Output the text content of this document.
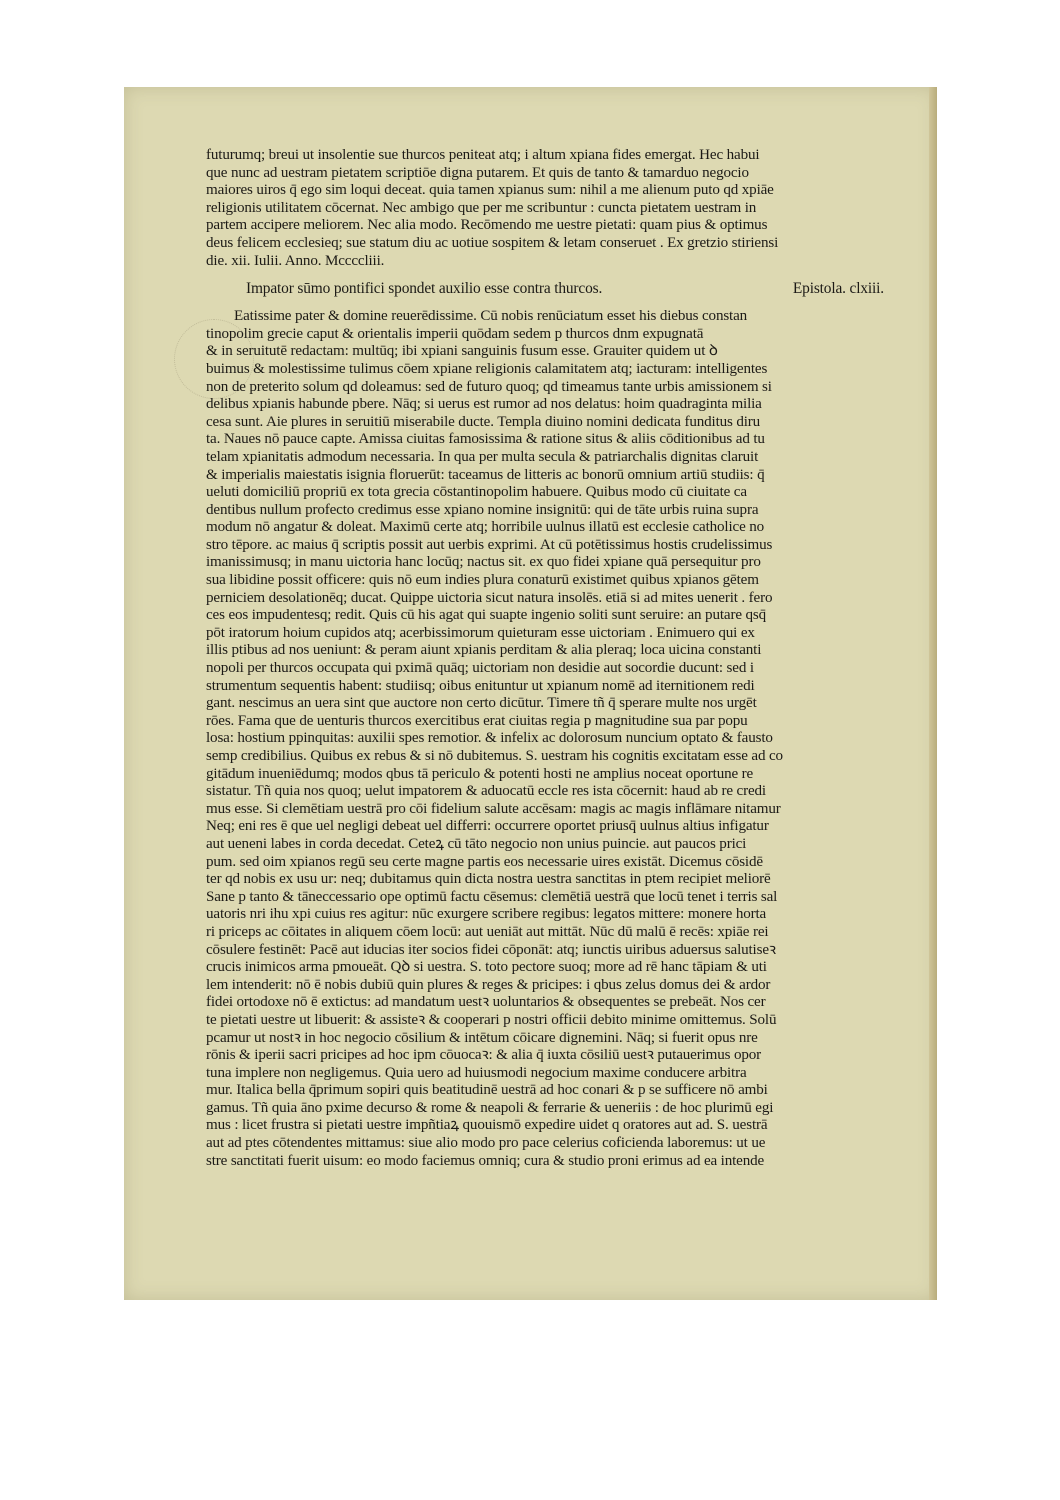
futurumq; breui ut insolentie sue thurcos peniteat atq; i altum xpiana fides emergat. Hec habui
que nunc ad uestram pietatem scriptiōe digna putarem. Et quis de tanto & tamarduo negocio
maiores uiros q̄ ego sim loqui deceat. quia tamen xpianus sum: nihil a me alienum puto qd xpiāe
religionis utilitatem cōcernat. Nec ambigo que per me scribuntur : cuncta pietatem uestram in
partem accipere meliorem. Nec alia modo. Recōmendo me uestre pietati: quam pius & optimus
deus felicem ecclesieq; sue statum diu ac uotiue sospitem & letam conseruet . Ex gretzio stiriensi
die. xii. Iulii. Anno. Mccccliii.
Impator sūmo pontifici spondet auxilio esse contra thurcos.	Epistola. clxiii.
Eatissime pater & domine reuerēdissime. Cū nobis renūciatum esset his diebus constan
tinopolim grecie caput & orientalis imperii quōdam sedem p thurcos dnm expugnatā
& in seruitutē redactam: multūq; ibi xpiani sanguinis fusum esse. Grauiter quidem ut ꝺ
buimus & molestissime tulimus cōem xpiane religionis calamitatem atq; iacturam: intelligentes
non de preterito solum qd doleamus: sed de futuro quoq; qd timeamus tante urbis amissionem si
delibus xpianis habunde pbere. Nāq; si uerus est rumor ad nos delatus: hoim quadraginta milia
cesa sunt. Aie plures in seruitiū miserabile ducte. Templa diuino nomini dedicata funditus diru
ta. Naues nō pauce capte. Amissa ciuitas famosissima & ratione situs & aliis cōditionibus ad tu
telam xpianitatis admodum necessaria. In qua per multa secula & patriarchalis dignitas claruit
& imperialis maiestatis isignia floruerūt: taceamus de litteris ac bonorū omnium artiū studiis: q̄
ueluti domiciliū propriū ex tota grecia cōstantinopolim habuere. Quibus modo cū ciuitate ca
dentibus nullum profecto credimus esse xpiano nomine insignitū: qui de tāte urbis ruina supra
modum nō angatur & doleat. Maximū certe atq; horribile uulnus illatū est ecclesie catholice no
stro tēpore. ac maius q̄ scriptis possit aut uerbis exprimi. At cū potētissimus hostis crudelissimus
imanissimusq; in manu uictoria hanc locūq; nactus sit. ex quo fidei xpiane quā persequitur pro
sua libidine possit officere: quis nō eum indies plura conaturū existimet quibus xpianos gētem
perniciem desolationēq; ducat. Quippe uictoria sicut natura insolēs. etiā si ad mites uenerit . fero
ces eos impudentesq; redit. Quis cū his agat qui suapte ingenio soliti sunt seruire: an putare qsq̄
pōt iratorum hoium cupidos atq; acerbissimorum quieturam esse uictoriam . Enimuero qui ex
illis ptibus ad nos ueniunt: & peram aiunt xpianis perditam & alia pleraq; loca uicina constanti
nopoli per thurcos occupata qui pximā quāq; uictoriam non desidie aut socordie ducunt: sed i
strumentum sequentis habent: studiisq; oibus enituntur ut xpianum nomē ad iternitionem redi
gant. nescimus an uera sint que auctore non certo dicūtur. Timere tñ q̄ sperare multe nos urgēt
rōes. Fama que de uenturis thurcos exercitibus erat ciuitas regia p magnitudine sua par popu
losa: hostium ppinquitas: auxilii spes remotior. & infelix ac dolorosum nuncium optato & fausto
semp credibilius. Quibus ex rebus & si nō dubitemus. S. uestram his cognitis excitatam esse ad co
gitādum inueniēdumq; modos qbus tā periculo & potenti hosti ne amplius noceat oportune re
sistatur. Tñ quia nos quoq; uelut impatorem & aduocatū eccle res ista cōcernit: haud ab re credi
mus esse. Si clemētiam uestrā pro cōi fidelium salute accēsam: magis ac magis inflāmare nitamur
Neq; eni res ē que uel negligi debeat uel differri: occurrere oportet priusq̄ uulnus altius infigatur
aut ueneni labes in corda decedat. Ceteꝝ cū tāto negocio non unius puincie. aut paucos prici
pum. sed oim xpianos regū seu certe magne partis eos necessarie uires existāt. Dicemus cōsidē
ter qd nobis ex usu ur: neq; dubitamus quin dicta nostra uestra sanctitas in ptem recipiet meliorē
Sane p tanto & tāneccessario ope optimū factu cēsemus: clemētiā uestrā que locū tenet i terris sal
uatoris nri ihu xpi cuius res agitur: nūc exurgere scribere regibus: legatos mittere: monere horta
ri priceps ac cōitates in aliquem cōem locū: aut ueniāt aut mittāt. Nūc dū malū ē recēs: xpiāe rei
cōsulere festinēt: Pacē aut iducias iter socios fidei cōponāt: atq; iunctis uiribus aduersus salutiseꝛ
crucis inimicos arma pmoueāt. Qꝺ si uestra. S. toto pectore suoq; more ad rē hanc tāpiam & uti
lem intenderit: nō ē nobis dubiū quin plures & reges & pricipes: i qbus zelus domus dei & ardor
fidei ortodoxe nō ē extictus: ad mandatum uestꝛ uoluntarios & obsequentes se prebeāt. Nos cer
te pietati uestre ut libuerit: & assisteꝛ & cooperari p nostri officii debito minime omittemus. Solū
pcamur ut nostꝛ in hoc negocio cōsilium & intētum cōicare dignemini. Nāq; si fuerit opus nre
rōnis & iperii sacri pricipes ad hoc ipm cōuocaꝛ: & alia q̄ iuxta cōsiliū uestꝛ putauerimus opor
tuna implere non negligemus. Quia uero ad huiusmodi negocium maxime conducere arbitra
mur. Italica bella q̄primum sopiri quis beatitudinē uestrā ad hoc conari & p se sufficere nō ambi
gamus. Tñ quia āno pxime decurso & rome & neapoli & ferrarie & ueneriis : de hoc plurimū egi
mus : licet frustra si pietati uestre impñtiaꝝ quouismō expedire uidet q oratores aut ad. S. uestrā
aut ad ptes cōtendentes mittamus: siue alio modo pro pace celerius coficienda laboremus: ut ue
stre sanctitati fuerit uisum: eo modo faciemus omniq; cura & studio proni erimus ad ea intende
